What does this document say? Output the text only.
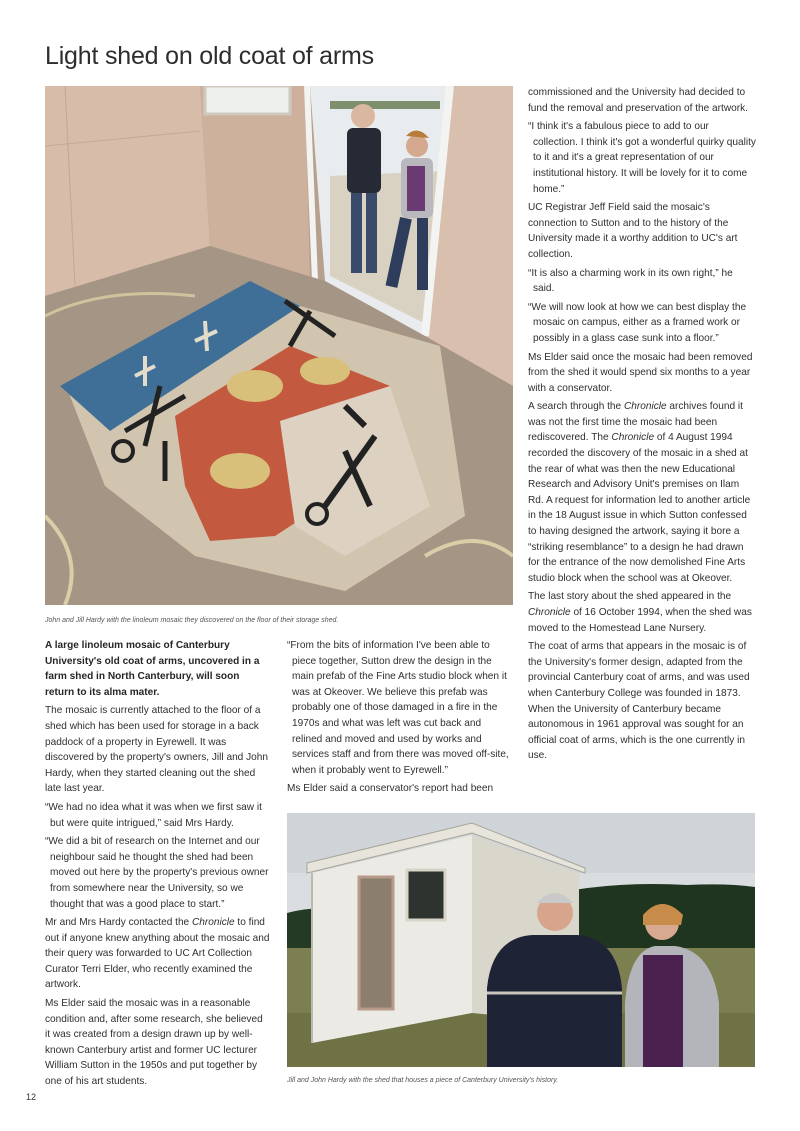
Light shed on old coat of arms
John and Jill Hardy with the linoleum mosaic they discovered on the floor of their storage shed.

A large linoleum mosaic of Canterbury University's old coat of arms, uncovered in a farm shed in North Canterbury, will soon return to its alma mater.

The mosaic is currently attached to the floor of a shed which has been used for storage in a back paddock of a property in Eyrewell. It was discovered by the property's owners, Jill and John Hardy, when they started cleaning out the shed late last year.

“We had no idea what it was when we first saw it but were quite intrigued,” said Mrs Hardy.

“We did a bit of research on the Internet and our neighbour said he thought the shed had been moved out here by the property's previous owner from somewhere near the University, so we thought that was a good place to start.”

Mr and Mrs Hardy contacted the Chronicle to find out if anyone knew anything about the mosaic and their query was forwarded to UC Art Collection Curator Terri Elder, who recently examined the artwork.

Ms Elder said the mosaic was in a reasonable condition and, after some research, she believed it was created from a design drawn up by well-known Canterbury artist and former UC lecturer William Sutton in the 1950s and put together by one of his art students.

“From the bits of information I've been able to piece together, Sutton drew the design in the main prefab of the Fine Arts studio block when it was at Okeover. We believe this prefab was probably one of those damaged in a fire in the 1970s and what was left was cut back and relined and moved and used by works and services staff and from there was moved off-site, when it probably went to Eyrewell.”

Ms Elder said a conservator's report had been

commissioned and the University had decided to fund the removal and preservation of the artwork.

“I think it's a fabulous piece to add to our collection. I think it's got a wonderful quirky quality to it and it's a great representation of our institutional history. It will be lovely for it to come home.”

UC Registrar Jeff Field said the mosaic's connection to Sutton and to the history of the University made it a worthy addition to UC's art collection.

“It is also a charming work in its own right,” he said.

“We will now look at how we can best display the mosaic on campus, either as a framed work or possibly in a glass case sunk into a floor.”

Ms Elder said once the mosaic had been removed from the shed it would spend six months to a year with a conservator.

A search through the Chronicle archives found it was not the first time the mosaic had been rediscovered. The Chronicle of 4 August 1994 recorded the discovery of the mosaic in a shed at the rear of what was then the new Educational Research and Advisory Unit's premises on Ilam Rd. A request for information led to another article in the 18 August issue in which Sutton confessed to having designed the artwork, saying it bore a “striking resemblance” to a design he had drawn for the entrance of the now demolished Fine Arts studio block when the school was at Okeover.

The last story about the shed appeared in the Chronicle of 16 October 1994, when the shed was moved to the Homestead Lane Nursery.

The coat of arms that appears in the mosaic is of the University's former design, adapted from the provincial Canterbury coat of arms, and was used when Canterbury College was founded in 1873. When the University of Canterbury became autonomous in 1961 approval was sought for an official coat of arms, which is the one currently in use.

Jill and John Hardy with the shed that houses a piece of Canterbury University's history.
12
